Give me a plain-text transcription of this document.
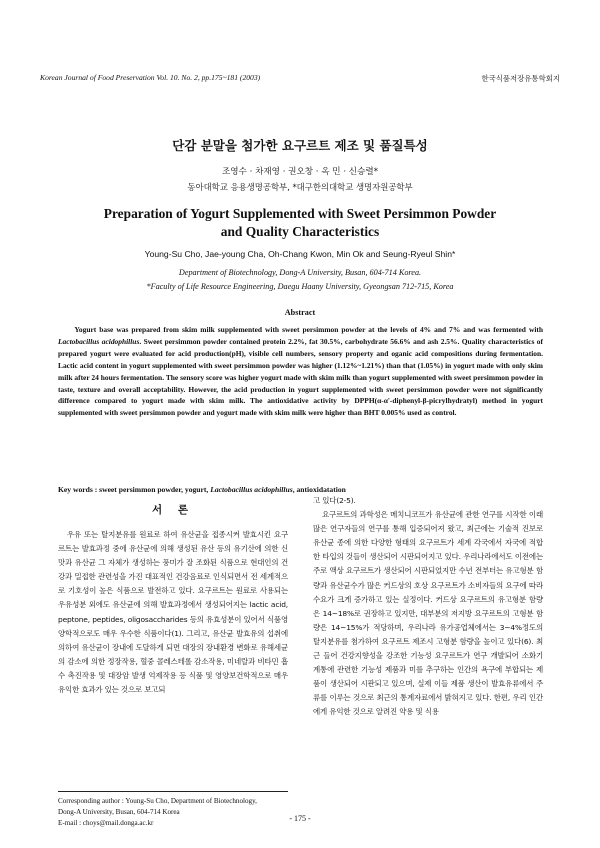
Korean Journal of Food Preservation Vol. 10. No. 2, pp.175~181 (2003)	한국식품저장유통학회지
단감 분말을 첨가한 요구르트 제조 및 품질특성
조영수 · 차재영 · 권오창 · 옥 민 · 신승렬*
동아대학교 응용생명공학부, *대구한의대학교 생명자원공학부
Preparation of Yogurt Supplemented with Sweet Persimmon Powder
and Quality Characteristics
Young-Su Cho, Jae-young Cha, Oh-Chang Kwon, Min Ok and Seung-Ryeul Shin*
Department of Biotechnology, Dong-A University, Busan, 604-714 Korea.
*Faculty of Life Resource Engineering, Daegu Haany University, Gyeongsan 712-715, Korea
Abstract

Yogurt base was prepared from skim milk supplemented with sweet persimmon powder at the levels of 4% and 7% and was fermented with Lactobacillus acidophillus. Sweet persimmon powder contained protein 2.2%, fat 30.5%, carbohydrate 56.6% and ash 2.5%. Quality characteristics of prepared yogurt were evaluated for acid production(pH), visible cell numbers, sensory property and oganic acid compositions during fermentation. Lactic acid content in yogurt supplemented with sweet persimmon powder was higher (1.12%~1.21%) than that (1.05%) in yogurt made with only skim milk after 24 hours fermentation. The sensory score was higher yogurt made with skim milk than yogurt supplemented with sweet persimmon powder in taste, texture and overall acceptability. However, the acid production in yogurt supplemented with sweet persimmon powder were not significantly difference compared to yogurt made with skim milk. The antioxidative activity by DPPH(α-α'-diphenyl-β-picrylhydratyl) method in yogurt supplemented with sweet persimmon powder and yogurt made with skim milk were higher than BHT 0.005% used as control.

Key words : sweet persimmon powder, yogurt, Lactobacillus acidophillus, antioxidatation
서 론

우유 또는 탈지분유를 원료로 하여 유산균을 접종시켜 발효시킨 요구르트는 발효과정 중에 유산균에 의해 생성된 유산 등의 유기산에 의한 신맛과 유산균 그 자체가 생성하는 풍미가 잘 조화된 식품으로 현대인의 건강과 밀접한 관련성을 가진 대표적인 건강음료로 인식되면서 전 세계적으로 기호성이 높은 식품으로 발전하고 있다. 요구르트는 원료로 사용되는 우유성분 외에도 유산균에 의해 발효과정에서 생성되어지는 lactic acid, peptone, peptides, oligosaccharides 등의 유효성분이 있어서 식품영양학적으로도 매우 우수한 식품이다(1). 그리고, 유산균 발효유의 섭취에 의하여 유산균이 장내에 도달하게 되면 대장의 장내환경 변화로 유해세균의 감소에 의한 정장작용, 혈중 콜레스테롤 감소작용, 미네랄과 비타민 흡수 촉진작용 및 대장암 발생 억제작용 등 식품 및 영양보건학적으로 매우 유익한 효과가 있는 것으로 보고되

고 있다(2-5).

요구르트의 과학성은 메치니코프가 유산균에 관한 연구를 시작한 이래 많은 연구자들의 연구를 통해 입증되어져 왔고, 최근에는 기술적 진보로 유산균 종에 의한 다양한 형태의 요구르트가 세계 각국에서 자국에 적합한 타입의 것들이 생산되어 시판되어지고 있다. 우리나라에서도 이전에는 주로 액상 요구르트가 생산되어 시판되었지만 수년 전부터는 유고형분 함량과 유산균수가 많은 커드상의 호상 요구르트가 소비자들의 요구에 따라 수요가 크게 증가하고 있는 실정이다. 커드상 요구르트의 유고형분 함량은 14~18%로 권장하고 있지만, 대부분의 저지방 요구르트의 고형분 함량은 14~15%가 적당하며, 우리나라 유가공업체에서는 3~4%정도의 탈지분유를 첨가하여 요구르트 제조시 고형분 함량을 높이고 있다(6). 최근 들어 건강지향성을 강조한 기능성 요구르트가 연구 개발되어 소화기 계통에 관련한 기능성 제품과 미를 추구하는 인간의 욕구에 부합되는 제품이 생산되어 시판되고 있으며, 실제 이들 제품 생산이 발효유류에서 주류를 이루는 것으로 최근의 통계자료에서 밝혀지고 있다. 한편, 우리 인간에게 유익한 것으로 알려진 약용 및 식용

Corresponding author : Young-Su Cho, Department of Biotechnology,
Dong-A University, Busan, 604-714 Korea
E-mail : choys@mail.donga.ac.kr	- 175 -
